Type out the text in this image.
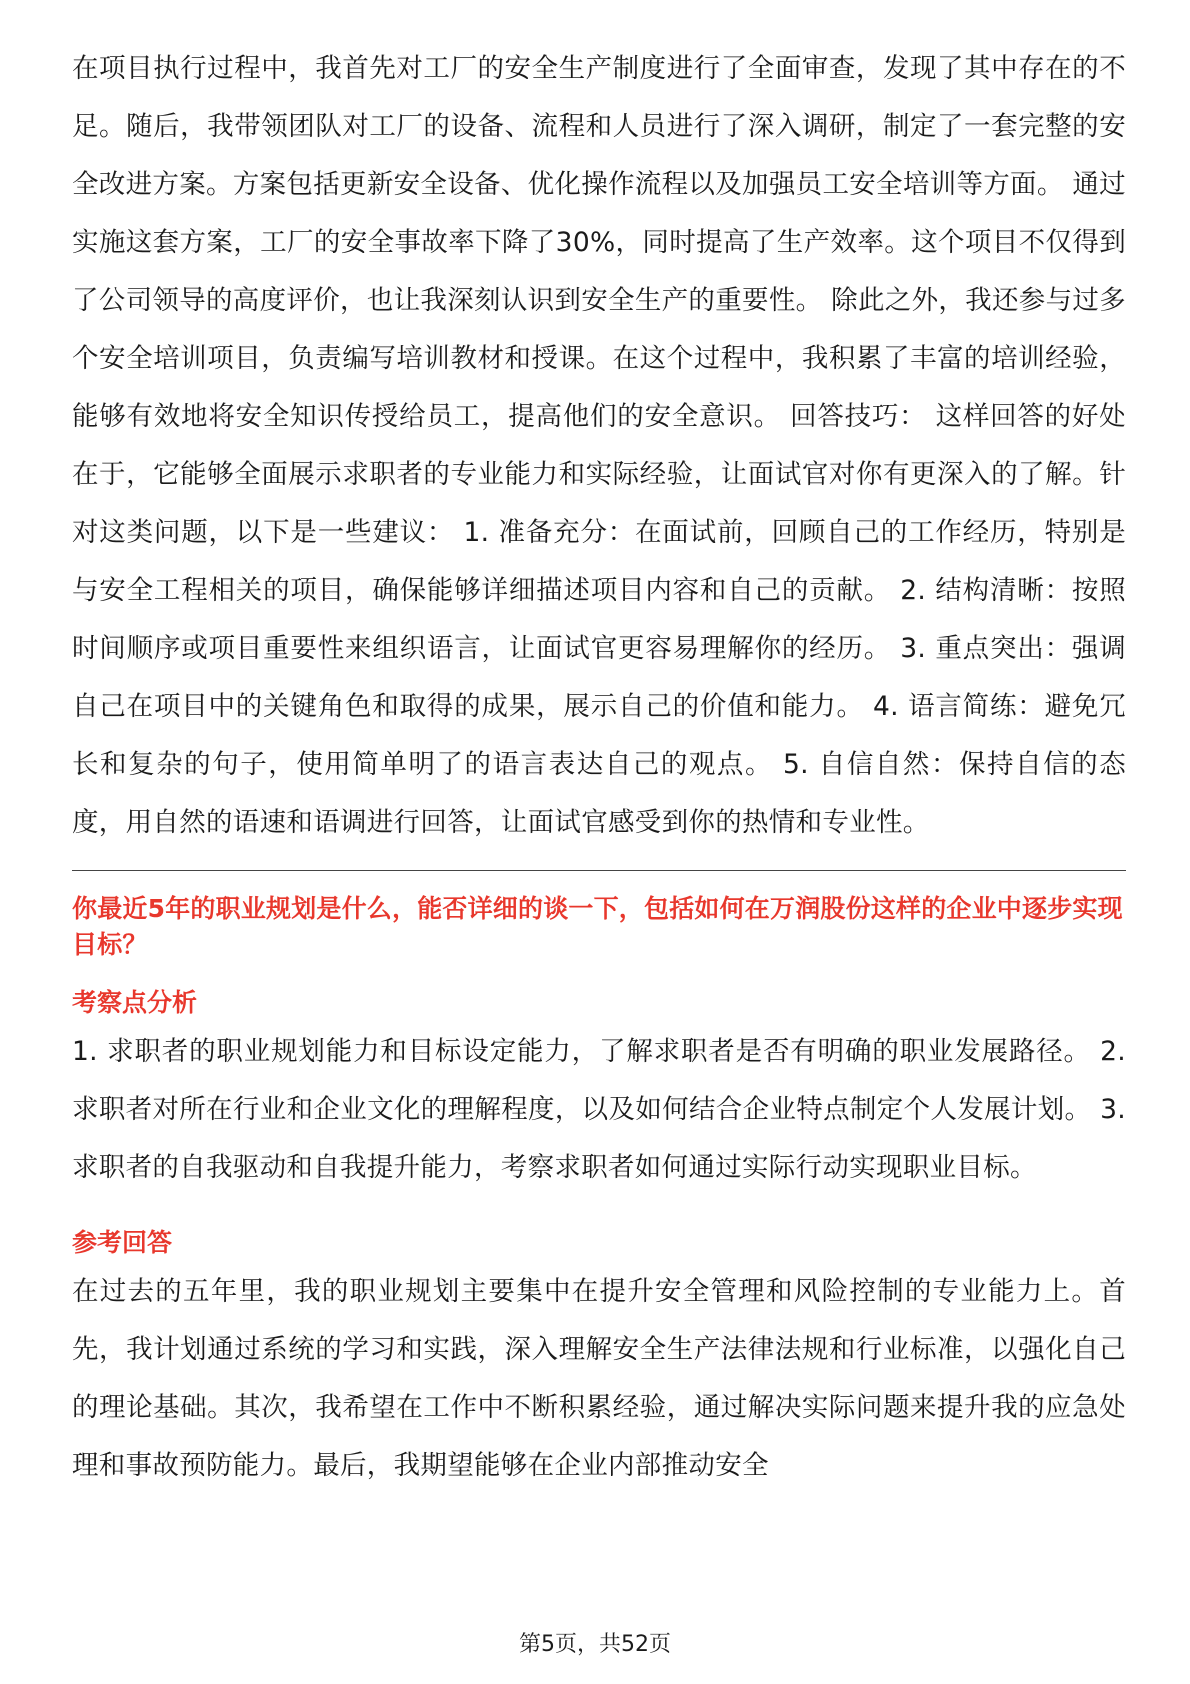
在项目执行过程中，我首先对工厂的安全生产制度进行了全面审查，发现了其中存在的不足。随后，我带领团队对工厂的设备、流程和人员进行了深入调研，制定了一套完整的安全改进方案。方案包括更新安全设备、优化操作流程以及加强员工安全培训等方面。 通过实施这套方案，工厂的安全事故率下降了30%，同时提高了生产效率。这个项目不仅得到了公司领导的高度评价，也让我深刻认识到安全生产的重要性。 除此之外，我还参与过多个安全培训项目，负责编写培训教材和授课。在这个过程中，我积累了丰富的培训经验，能够有效地将安全知识传授给员工，提高他们的安全意识。 回答技巧： 这样回答的好处在于，它能够全面展示求职者的专业能力和实际经验，让面试官对你有更深入的了解。针对这类问题，以下是一些建议： 1. 准备充分：在面试前，回顾自己的工作经历，特别是与安全工程相关的项目，确保能够详细描述项目内容和自己的贡献。 2. 结构清晰：按照时间顺序或项目重要性来组织语言，让面试官更容易理解你的经历。 3. 重点突出：强调自己在项目中的关键角色和取得的成果，展示自己的价值和能力。 4. 语言简练：避免冗长和复杂的句子，使用简单明了的语言表达自己的观点。 5. 自信自然：保持自信的态度，用自然的语速和语调进行回答，让面试官感受到你的热情和专业性。

你最近5年的职业规划是什么，能否详细的谈一下，包括如何在万润股份这样的企业中逐步实现目标？

考察点分析

1. 求职者的职业规划能力和目标设定能力，了解求职者是否有明确的职业发展路径。 2. 求职者对所在行业和企业文化的理解程度，以及如何结合企业特点制定个人发展计划。 3. 求职者的自我驱动和自我提升能力，考察求职者如何通过实际行动实现职业目标。

参考回答

在过去的五年里，我的职业规划主要集中在提升安全管理和风险控制的专业能力上。首先，我计划通过系统的学习和实践，深入理解安全生产法律法规和行业标准，以强化自己的理论基础。其次，我希望在工作中不断积累经验，通过解决实际问题来提升我的应急处理和事故预防能力。最后，我期望能够在企业内部推动安全

第5页，共52页
